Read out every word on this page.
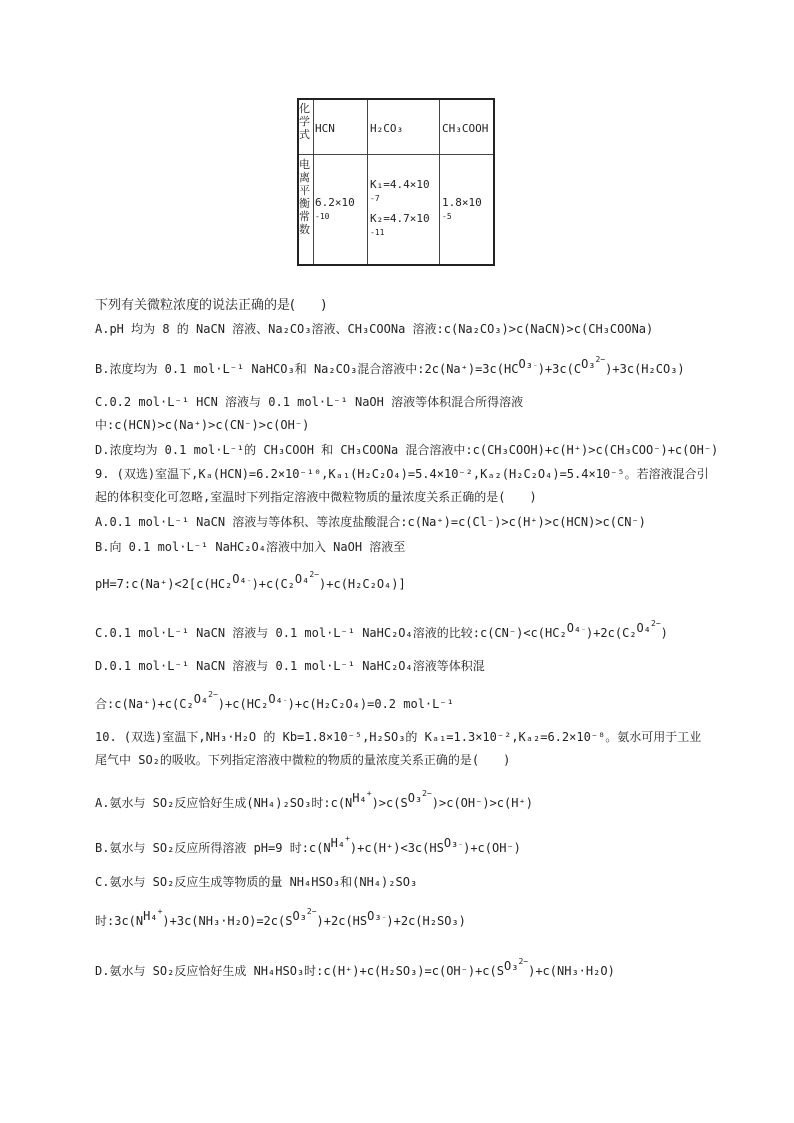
化学式 HCN	H₂CO₃	CH₃COOH
电离平衡常数
6.2×10
-10
K₁=4.4×10
-7
K₂=4.7×10
-11
1.8×10
-5
下列有关微粒浓度的说法正确的是(　　)
A.pH 均为 8 的 NaCN 溶液、Na₂CO₃溶液、CH₃COONa 溶液:c(Na₂CO₃)>c(NaCN)>c(CH₃COONa)
B.浓度均为 0.1 mol·L⁻¹ NaHCO₃和 Na₂CO₃混合溶液中:2c(Na⁺)=3c(HCO₃⁻)+3c(CO₃$^{2-}$)+3c(H₂CO₃)
C.0.2 mol·L⁻¹ HCN 溶液与 0.1 mol·L⁻¹ NaOH 溶液等体积混合所得溶液
中:c(HCN)>c(Na⁺)>c(CN⁻)>c(OH⁻)
D.浓度均为 0.1 mol·L⁻¹的 CH₃COOH 和 CH₃COONa 混合溶液中:c(CH₃COOH)+c(H⁺)>c(CH₃COO⁻)+c(OH⁻)
9. (双选)室温下,Kₐ(HCN)=6.2×10⁻¹⁰,Kₐ₁(H₂C₂O₄)=5.4×10⁻²,Kₐ₂(H₂C₂O₄)=5.4×10⁻⁵。若溶液混合引
起的体积变化可忽略,室温时下列指定溶液中微粒物质的量浓度关系正确的是(　　)
A.0.1 mol·L⁻¹ NaCN 溶液与等体积、等浓度盐酸混合:c(Na⁺)=c(Cl⁻)>c(H⁺)>c(HCN)>c(CN⁻)
B.向 0.1 mol·L⁻¹ NaHC₂O₄溶液中加入 NaOH 溶液至
pH=7:c(Na⁺)<2[c(HC₂O₄⁻)+c(C₂O₄$^{2-}$)+c(H₂C₂O₄)]
C.0.1 mol·L⁻¹ NaCN 溶液与 0.1 mol·L⁻¹ NaHC₂O₄溶液的比较:c(CN⁻)<c(HC₂O₄⁻)+2c(C₂O₄$^{2-}$)
D.0.1 mol·L⁻¹ NaCN 溶液与 0.1 mol·L⁻¹ NaHC₂O₄溶液等体积混
合:c(Na⁺)+c(C₂O₄$^{2-}$)+c(HC₂O₄⁻)+c(H₂C₂O₄)=0.2 mol·L⁻¹
10. (双选)室温下,NH₃·H₂O 的 Kb=1.8×10⁻⁵,H₂SO₃的 Kₐ₁=1.3×10⁻²,Kₐ₂=6.2×10⁻⁸。氨水可用于工业
尾气中 SO₂的吸收。下列指定溶液中微粒的物质的量浓度关系正确的是(　　)
A.氨水与 SO₂反应恰好生成(NH₄)₂SO₃时:c(NH₄+)>c(SO₃$^{2-}$)>c(OH⁻)>c(H⁺)
B.氨水与 SO₂反应所得溶液 pH=9 时:c(NH₄+)+c(H⁺)<3c(HSO₃⁻)+c(OH⁻)
C.氨水与 SO₂反应生成等物质的量 NH₄HSO₃和(NH₄)₂SO₃
时:3c(NH₄+)+3c(NH₃·H₂O)=2c(SO₃$^{2-}$)+2c(HSO₃⁻)+2c(H₂SO₃)
D.氨水与 SO₂反应恰好生成 NH₄HSO₃时:c(H⁺)+c(H₂SO₃)=c(OH⁻)+c(SO₃$^{2-}$)+c(NH₃·H₂O)
